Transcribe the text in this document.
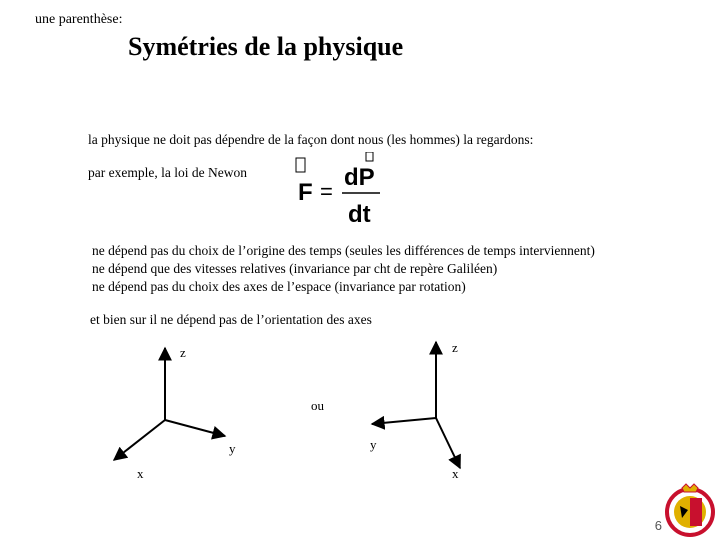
une parenthèse:
Symétries de la physique
la physique ne doit pas dépendre de la façon dont nous (les hommes) la regardons:
par exemple, la loi de Newon
F =
dP
dt
ne dépend pas du choix de l’origine des temps (seules les différences de temps interviennent)
ne dépend que des vitesses relatives (invariance par cht de repère Galiléen)
ne dépend pas du choix des axes de l’espace (invariance par rotation)
et bien sur il ne dépend pas de l’orientation des axes
z
y
x
ou
z
y
x
6
